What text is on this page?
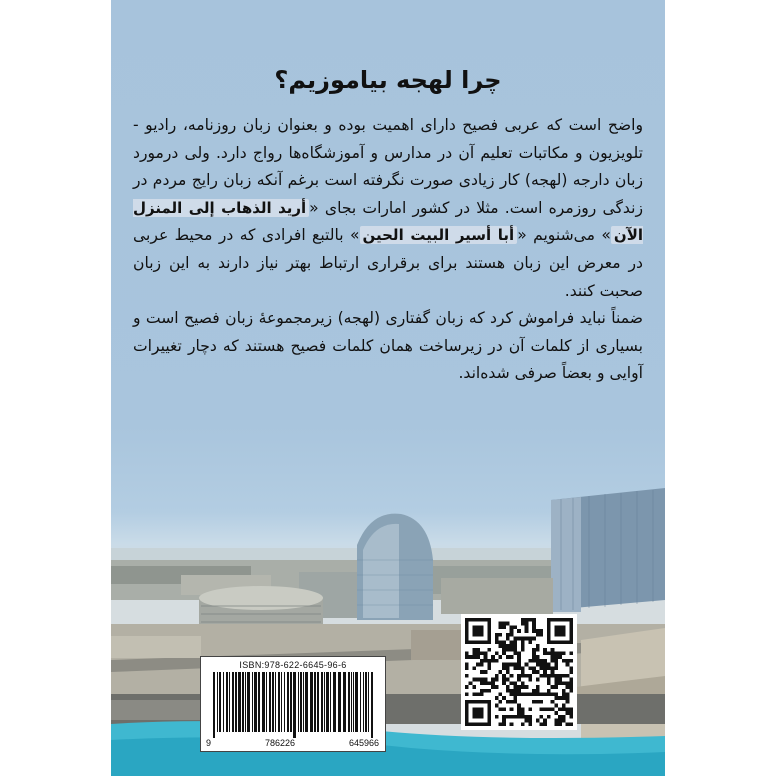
چرا لهجه بیاموزیم؟

واضح است که عربی فصیح دارای اهمیت بوده و بعنوان زبان روزنامه، رادیو - تلویزیون و مکاتبات تعلیم آن در مدارس و آموزشگاه‌ها رواج دارد. ولی درمورد زبان دارجه (لهجه) کار زیادی صورت نگرفته است برغم آنکه زبان رایج مردم در زندگی روزمره است. مثلا در کشور امارات بجای «أريد الذهاب إلى المنزل الآن» می‌شنویم «أبا أسير البيت الحين» بالتبع افرادی که در محیط عربی در معرض این زبان هستند برای برقراری ارتباط بهتر نیاز دارند به این زبان صحبت کنند.

ضمناً نباید فراموش کرد که زبان گفتاری (لهجه) زیرمجموعهٔ زبان فصیح است و بسیاری از کلمات آن در زیرساخت همان کلمات فصیح هستند که دچار تغییرات آوایی و بعضاً صرفی شده‌اند.

ISBN:978-622-6645-96-6
9	786226	645966
